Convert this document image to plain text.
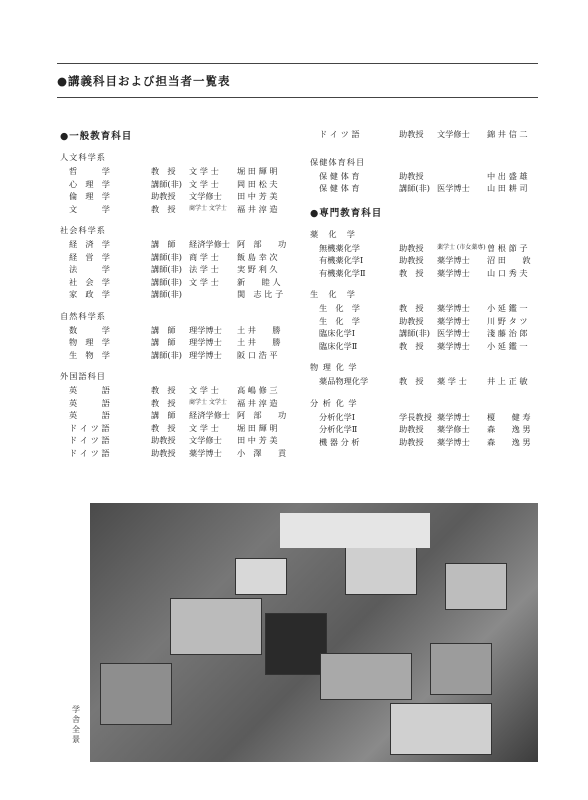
●講義科目および担当者一覧表
●一般教育科目
人文科学系
哲　　　学	教　授	文 学 士	堀 田 輝 明
心　理　学	講師(非) 文 学 士	岡 田 松 夫
倫　理　学	助教授	文学修士	田 中 芳 美
文　　　学	教　授	商学士 文学士	福 井 淳 造
社会科学系
経　済　学	講　師	経済学修士 阿　部　　功
経　営　学	講師(非) 商 学 士	飯 島 幸 次
法　　　学	講師(非) 法 学 士	実 野 利 久
社　会　学	講師(非) 文 学 士	新　　睦 人
家　政　学	講師(非)	関　志 比 子
自然科学系
数　　　学	講　師	理学博士	土 井　　勝
物　理　学	講　師	理学博士	土 井　　勝
生　物　学	講師(非) 理学博士	阪 口 浩 平
外国語科目
英　　　語	教　授	文 学 士	高 嶋 修 三
英　　　語	教　授	商学士 文学士	福 井 淳 造
英　　　語	講　師	経済学修士 阿　部　　功
ド イ ツ 語	教　授	文 学 士	堀 田 輝 明
ド イ ツ 語	助教授	文学修士	田 中 芳 美
ド イ ツ 語	助教授	薬学博士	小　澤　　貢
ド イ ツ 語	助教授	文学修士	錦 井 信 二
保健体育科目
保 健 体 育	助教授	中 出 盛 雄
保 健 体 育	講師(非) 医学博士	山 田 耕 司
●専門教育科目
薬　化　学
無機薬化学	助教授	薬学士 (市女薬専) 曽 根 節 子
有機薬化学Ⅰ	助教授	薬学博士	沼 田　　敦
有機薬化学Ⅱ	教　授	薬学博士	山 口 秀 夫
生　化　学
生　化　学	教　授	薬学博士	小 延 鑑 一
生　化　学	助教授	薬学博士	川 野 タ ツ
臨床化学Ⅰ	講師(非) 医学博士	淺 藤 治 郎
臨床化学Ⅱ	教　授	薬学博士	小 延 鑑 一
物 理 化 学
薬品物理化学	教　授	薬 学 士	井 上 正 敏
分 析 化 学
分析化学Ⅰ	学長教授 薬学博士	榎　　健 寿
分析化学Ⅱ	助教授	薬学修士	森　　逸 男
機 器 分 析	助教授	薬学博士	森　　逸 男
学舎全景
